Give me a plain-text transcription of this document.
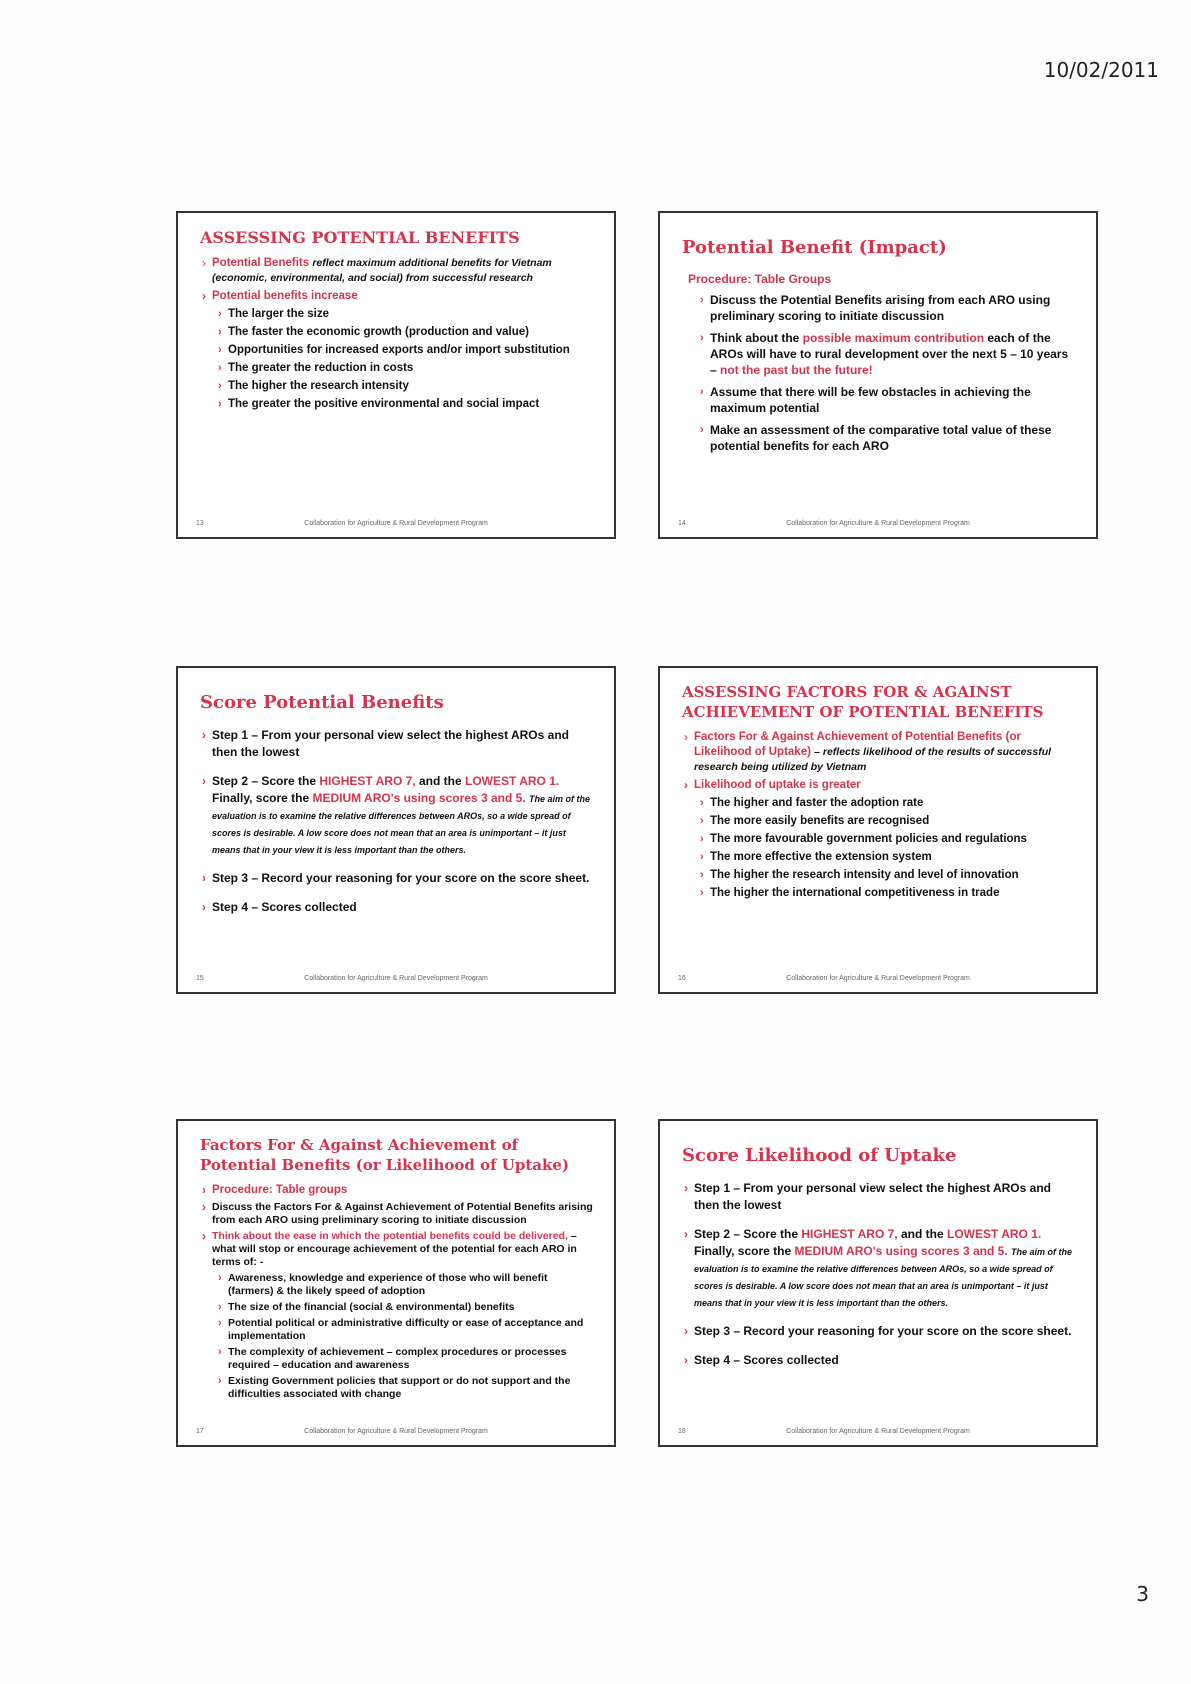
10/02/2011
ASSESSING POTENTIAL BENEFITS
› Potential Benefits reflect maximum additional benefits for Vietnam (economic, environmental, and social) from successful research
› Potential benefits increase
› The larger the size
› The faster the economic growth (production and value)
› Opportunities for increased exports and/or import substitution
› The greater the reduction in costs
› The higher the research intensity
› The greater the positive environmental and social impact
13	Collaboration for Agriculture & Rural Development Program
Potential Benefit (Impact)
Procedure: Table Groups
› Discuss the Potential Benefits arising from each ARO using preliminary scoring to initiate discussion
› Think about the possible maximum contribution each of the AROs will have to rural development over the next 5 – 10 years – not the past but the future!
› Assume that there will be few obstacles in achieving the maximum potential
› Make an assessment of the comparative total value of these potential benefits for each ARO
14	Collaboration for Agriculture & Rural Development Program
Score Potential Benefits
› Step 1 – From your personal view select the highest AROs and then the lowest
› Step 2 – Score the HIGHEST ARO 7, and the LOWEST ARO 1. Finally, score the MEDIUM ARO's using scores 3 and 5. The aim of the evaluation is to examine the relative differences between AROs, so a wide spread of scores is desirable. A low score does not mean that an area is unimportant – it just means that in your view it is less important than the others.
› Step 3 – Record your reasoning for your score on the score sheet.
› Step 4 – Scores collected
15	Collaboration for Agriculture & Rural Development Program
ASSESSING FACTORS FOR & AGAINST ACHIEVEMENT OF POTENTIAL BENEFITS
› Factors For & Against Achievement of Potential Benefits (or Likelihood of Uptake) – reflects likelihood of the results of successful research being utilized by Vietnam
› Likelihood of uptake is greater
› The higher and faster the adoption rate
› The more easily benefits are recognised
› The more favourable government policies and regulations
› The more effective the extension system
› The higher the research intensity and level of innovation
› The higher the international competitiveness in trade
16	Collaboration for Agriculture & Rural Development Program
Factors For & Against Achievement of Potential Benefits (or Likelihood of Uptake)
› Procedure: Table groups
› Discuss the Factors For & Against Achievement of Potential Benefits arising from each ARO using preliminary scoring to initiate discussion
› Think about the ease in which the potential benefits could be delivered, – what will stop or encourage achievement of the potential for each ARO in terms of: -
› Awareness, knowledge and experience of those who will benefit (farmers) & the likely speed of adoption
› The size of the financial (social & environmental) benefits
› Potential political or administrative difficulty or ease of acceptance and implementation
› The complexity of achievement – complex procedures or processes required – education and awareness
› Existing Government policies that support or do not support and the difficulties associated with change
17	Collaboration for Agriculture & Rural Development Program
Score Likelihood of Uptake
› Step 1 – From your personal view select the highest AROs and then the lowest
› Step 2 – Score the HIGHEST ARO 7, and the LOWEST ARO 1. Finally, score the MEDIUM ARO's using scores 3 and 5. The aim of the evaluation is to examine the relative differences between AROs, so a wide spread of scores is desirable. A low score does not mean that an area is unimportant – it just means that in your view it is less important than the others.
› Step 3 – Record your reasoning for your score on the score sheet.
› Step 4 – Scores collected
18	Collaboration for Agriculture & Rural Development Program
3
